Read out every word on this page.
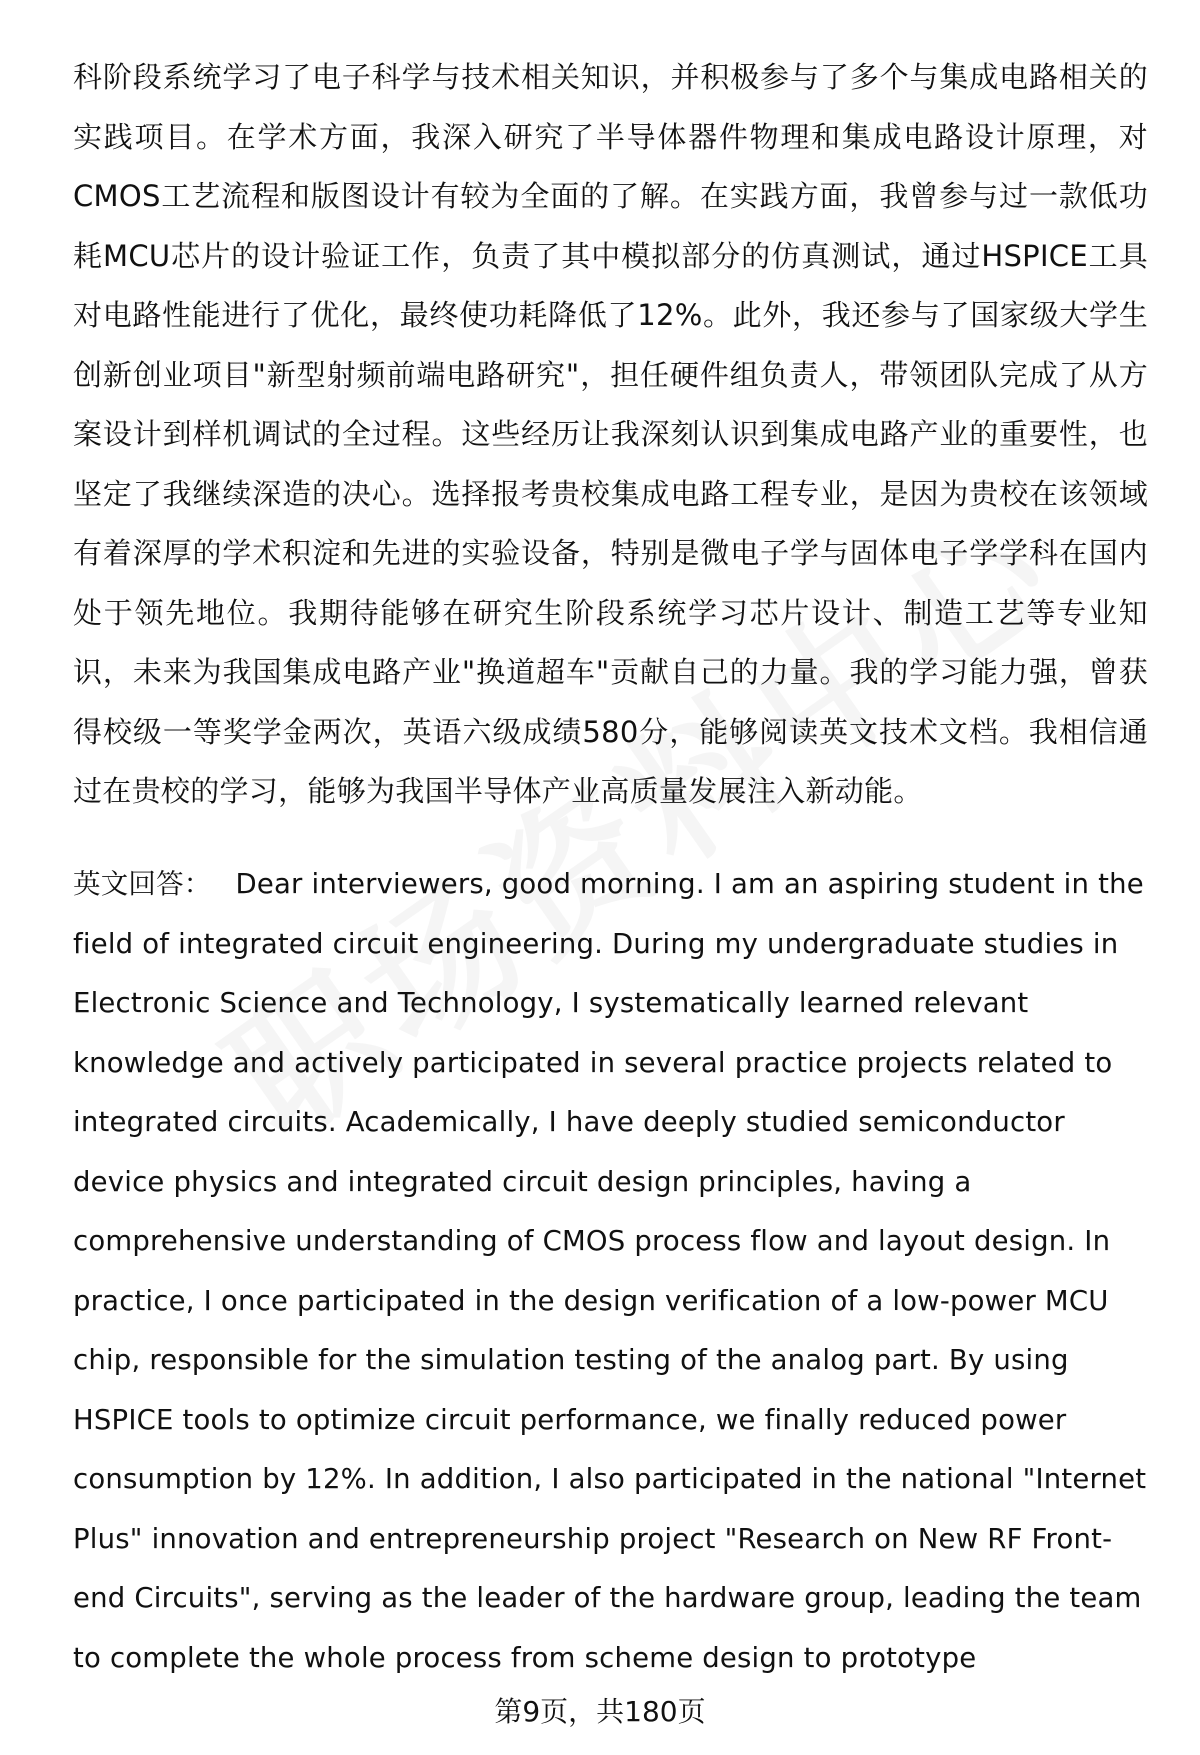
科阶段系统学习了电子科学与技术相关知识，并积极参与了多个与集成电路相关的实践项目。在学术方面，我深入研究了半导体器件物理和集成电路设计原理，对CMOS工艺流程和版图设计有较为全面的了解。在实践方面，我曾参与过一款低功耗MCU芯片的设计验证工作，负责了其中模拟部分的仿真测试，通过HSPICE工具对电路性能进行了优化，最终使功耗降低了12%。此外，我还参与了国家级大学生创新创业项目"新型射频前端电路研究"，担任硬件组负责人，带领团队完成了从方案设计到样机调试的全过程。这些经历让我深刻认识到集成电路产业的重要性，也坚定了我继续深造的决心。选择报考贵校集成电路工程专业，是因为贵校在该领域有着深厚的学术积淀和先进的实验设备，特别是微电子学与固体电子学学科在国内处于领先地位。我期待能够在研究生阶段系统学习芯片设计、制造工艺等专业知识，未来为我国集成电路产业"换道超车"贡献自己的力量。我的学习能力强，曾获得校级一等奖学金两次，英语六级成绩580分，能够阅读英文技术文档。我相信通过在贵校的学习，能够为我国半导体产业高质量发展注入新动能。

英文回答： Dear interviewers, good morning. I am an aspiring student in the field of integrated circuit engineering. During my undergraduate studies in Electronic Science and Technology, I systematically learned relevant knowledge and actively participated in several practice projects related to integrated circuits. Academically, I have deeply studied semiconductor device physics and integrated circuit design principles, having a comprehensive understanding of CMOS process flow and layout design. In practice, I once participated in the design verification of a low-power MCU chip, responsible for the simulation testing of the analog part. By using HSPICE tools to optimize circuit performance, we finally reduced power consumption by 12%. In addition, I also participated in the national "Internet Plus" innovation and entrepreneurship project "Research on New RF Front-end Circuits", serving as the leader of the hardware group, leading the team to complete the whole process from scheme design to prototype

第9页，共180页
